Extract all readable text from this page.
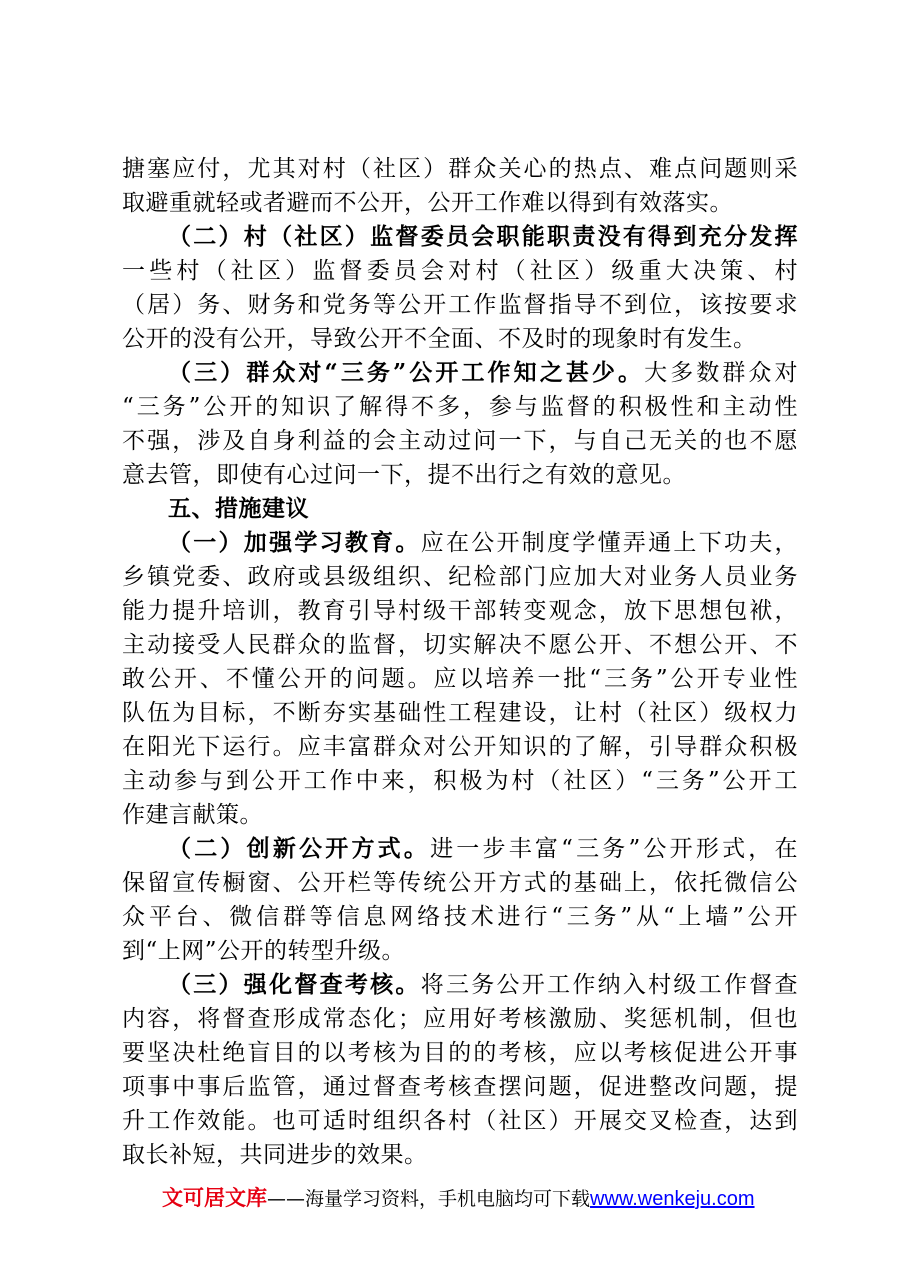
搪塞应付，尤其对村（社区）群众关心的热点、难点问题则采
取避重就轻或者避而不公开，公开工作难以得到有效落实。
（二）村（社区）监督委员会职能职责没有得到充分发挥
一些村（社区）监督委员会对村（社区）级重大决策、村
（居）务、财务和党务等公开工作监督指导不到位，该按要求
公开的没有公开，导致公开不全面、不及时的现象时有发生。
（三）群众对“三务”公开工作知之甚少。大多数群众对
“三务”公开的知识了解得不多，参与监督的积极性和主动性
不强，涉及自身利益的会主动过问一下，与自己无关的也不愿
意去管，即使有心过问一下，提不出行之有效的意见。
五、措施建议
（一）加强学习教育。应在公开制度学懂弄通上下功夫，
乡镇党委、政府或县级组织、纪检部门应加大对业务人员业务
能力提升培训，教育引导村级干部转变观念，放下思想包袱，
主动接受人民群众的监督，切实解决不愿公开、不想公开、不
敢公开、不懂公开的问题。应以培养一批“三务”公开专业性
队伍为目标，不断夯实基础性工程建设，让村（社区）级权力
在阳光下运行。应丰富群众对公开知识的了解，引导群众积极
主动参与到公开工作中来，积极为村（社区）“三务”公开工
作建言献策。
（二）创新公开方式。进一步丰富“三务”公开形式，在
保留宣传橱窗、公开栏等传统公开方式的基础上，依托微信公
众平台、微信群等信息网络技术进行“三务”从“上墙”公开
到“上网”公开的转型升级。
（三）强化督查考核。将三务公开工作纳入村级工作督查
内容，将督查形成常态化；应用好考核激励、奖惩机制，但也
要坚决杜绝盲目的以考核为目的的考核，应以考核促进公开事
项事中事后监管，通过督查考核查摆问题，促进整改问题，提
升工作效能。也可适时组织各村（社区）开展交叉检查，达到
取长补短，共同进步的效果。
文可居文库——海量学习资料，手机电脑均可下载www.wenkeju.com
